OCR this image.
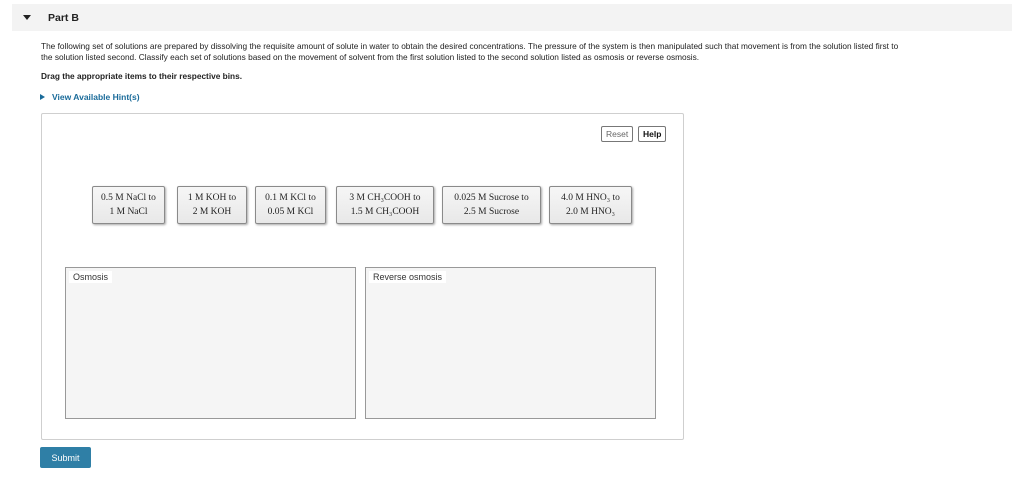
Part B
The following set of solutions are prepared by dissolving the requisite amount of solute in water to obtain the desired concentrations. The pressure of the system is then manipulated such that movement is from the solution listed first to
the solution listed second. Classify each set of solutions based on the movement of solvent from the first solution listed to the second solution listed as osmosis or reverse osmosis.
Drag the appropriate items to their respective bins.
View Available Hint(s)
Reset	Help
0.5 M NaCl to
1 M NaCl
1 M KOH to
2 M KOH
0.1 M KCl to
0.05 M KCl
3 M CH₃COOH to
1.5 M CH₃COOH
0.025 M Sucrose to
2.5 M Sucrose
4.0 M HNO₃ to
2.0 M HNO₃
Osmosis	Reverse osmosis
Submit
